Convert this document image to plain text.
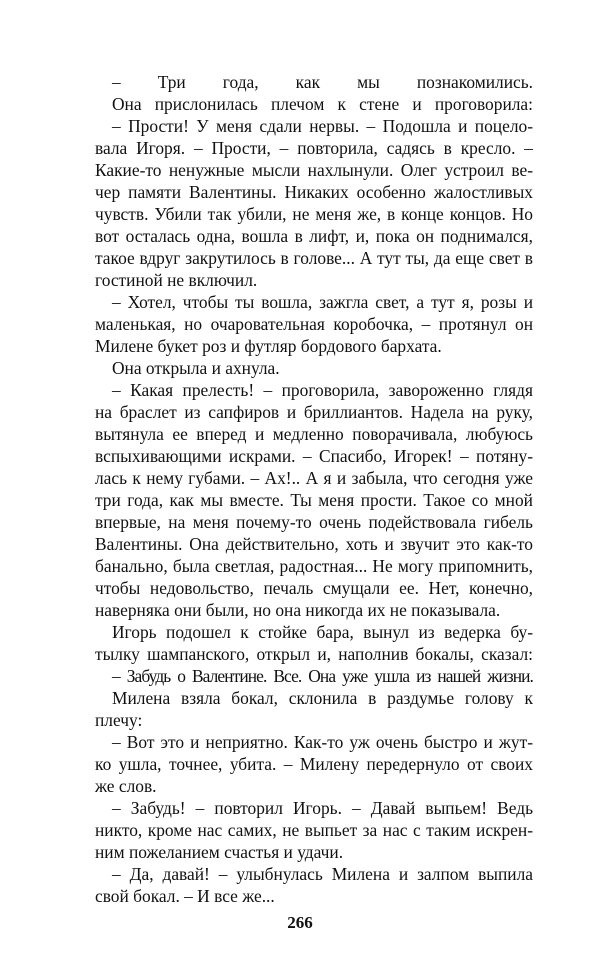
– Три года, как мы познакомились.
Она прислонилась плечом к стене и проговорила:
– Прости! У меня сдали нервы. – Подошла и поцело-
вала Игоря. – Прости, – повторила, садясь в кресло. –
Какие-то ненужные мысли нахлынули. Олег устроил ве-
чер памяти Валентины. Никаких особенно жалостливых
чувств. Убили так убили, не меня же, в конце концов. Но
вот осталась одна, вошла в лифт, и, пока он поднимался,
такое вдруг закрутилось в голове... А тут ты, да еще свет в
гостиной не включил.
– Хотел, чтобы ты вошла, зажгла свет, а тут я, розы и
маленькая, но очаровательная коробочка, – протянул он
Милене букет роз и футляр бордового бархата.
Она открыла и ахнула.
– Какая прелесть! – проговорила, завороженно глядя
на браслет из сапфиров и бриллиантов. Надела на руку,
вытянула ее вперед и медленно поворачивала, любуюсь
вспыхивающими искрами. – Спасибо, Игорек! – потяну-
лась к нему губами. – Ах!.. А я и забыла, что сегодня уже
три года, как мы вместе. Ты меня прости. Такое со мной
впервые, на меня почему-то очень подействовала гибель
Валентины. Она действительно, хоть и звучит это как-то
банально, была светлая, радостная... Не могу припомнить,
чтобы недовольство, печаль смущали ее. Нет, конечно,
наверняка они были, но она никогда их не показывала.
Игорь подошел к стойке бара, вынул из ведерка бу-
тылку шампанского, открыл и, наполнив бокалы, сказал:
– Забудь о Валентине. Все. Она уже ушла из нашей жизни.
Милена взяла бокал, склонила в раздумье голову к
плечу:
– Вот это и неприятно. Как-то уж очень быстро и жут-
ко ушла, точнее, убита. – Милену передернуло от своих
же слов.
– Забудь! – повторил Игорь. – Давай выпьем! Ведь
никто, кроме нас самих, не выпьет за нас с таким искрен-
ним пожеланием счастья и удачи.
– Да, давай! – улыбнулась Милена и залпом выпила
свой бокал. – И все же...
266
